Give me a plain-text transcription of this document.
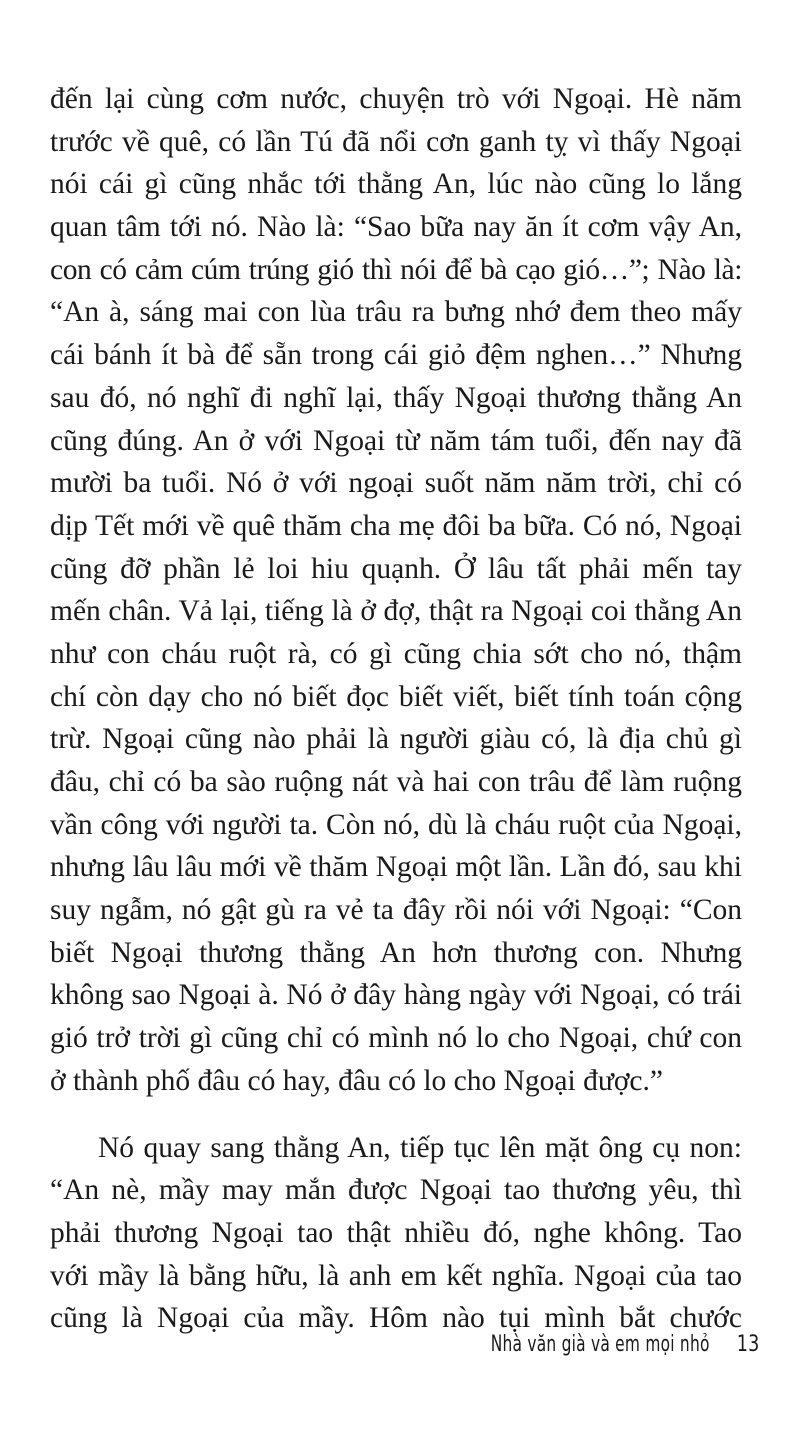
đến lại cùng cơm nước, chuyện trò với Ngoại. Hè năm
trước về quê, có lần Tú đã nổi cơn ganh tỵ vì thấy Ngoại
nói cái gì cũng nhắc tới thằng An, lúc nào cũng lo lắng
quan tâm tới nó. Nào là: “Sao bữa nay ăn ít cơm vậy An,
con có cảm cúm trúng gió thì nói để bà cạo gió…”; Nào là:
“An à, sáng mai con lùa trâu ra bưng nhớ đem theo mấy
cái bánh ít bà để sẵn trong cái giỏ đệm nghen…” Nhưng
sau đó, nó nghĩ đi nghĩ lại, thấy Ngoại thương thằng An
cũng đúng. An ở với Ngoại từ năm tám tuổi, đến nay đã
mười ba tuổi. Nó ở với ngoại suốt năm năm trời, chỉ có
dịp Tết mới về quê thăm cha mẹ đôi ba bữa. Có nó, Ngoại
cũng đỡ phần lẻ loi hiu quạnh. Ở lâu tất phải mến tay
mến chân. Vả lại, tiếng là ở đợ, thật ra Ngoại coi thằng An
như con cháu ruột rà, có gì cũng chia sớt cho nó, thậm
chí còn dạy cho nó biết đọc biết viết, biết tính toán cộng
trừ. Ngoại cũng nào phải là người giàu có, là địa chủ gì
đâu, chỉ có ba sào ruộng nát và hai con trâu để làm ruộng
vần công với người ta. Còn nó, dù là cháu ruột của Ngoại,
nhưng lâu lâu mới về thăm Ngoại một lần. Lần đó, sau khi
suy ngẫm, nó gật gù ra vẻ ta đây rồi nói với Ngoại: “Con
biết Ngoại thương thằng An hơn thương con. Nhưng
không sao Ngoại à. Nó ở đây hàng ngày với Ngoại, có trái
gió trở trời gì cũng chỉ có mình nó lo cho Ngoại, chứ con
ở thành phố đâu có hay, đâu có lo cho Ngoại được.”
Nó quay sang thằng An, tiếp tục lên mặt ông cụ non:
“An nè, mầy may mắn được Ngoại tao thương yêu, thì
phải thương Ngoại tao thật nhiều đó, nghe không. Tao
với mầy là bằng hữu, là anh em kết nghĩa. Ngoại của tao
cũng là Ngoại của mầy. Hôm nào tụi mình bắt chước
Nhà văn già và em mọi nhỏ 13
